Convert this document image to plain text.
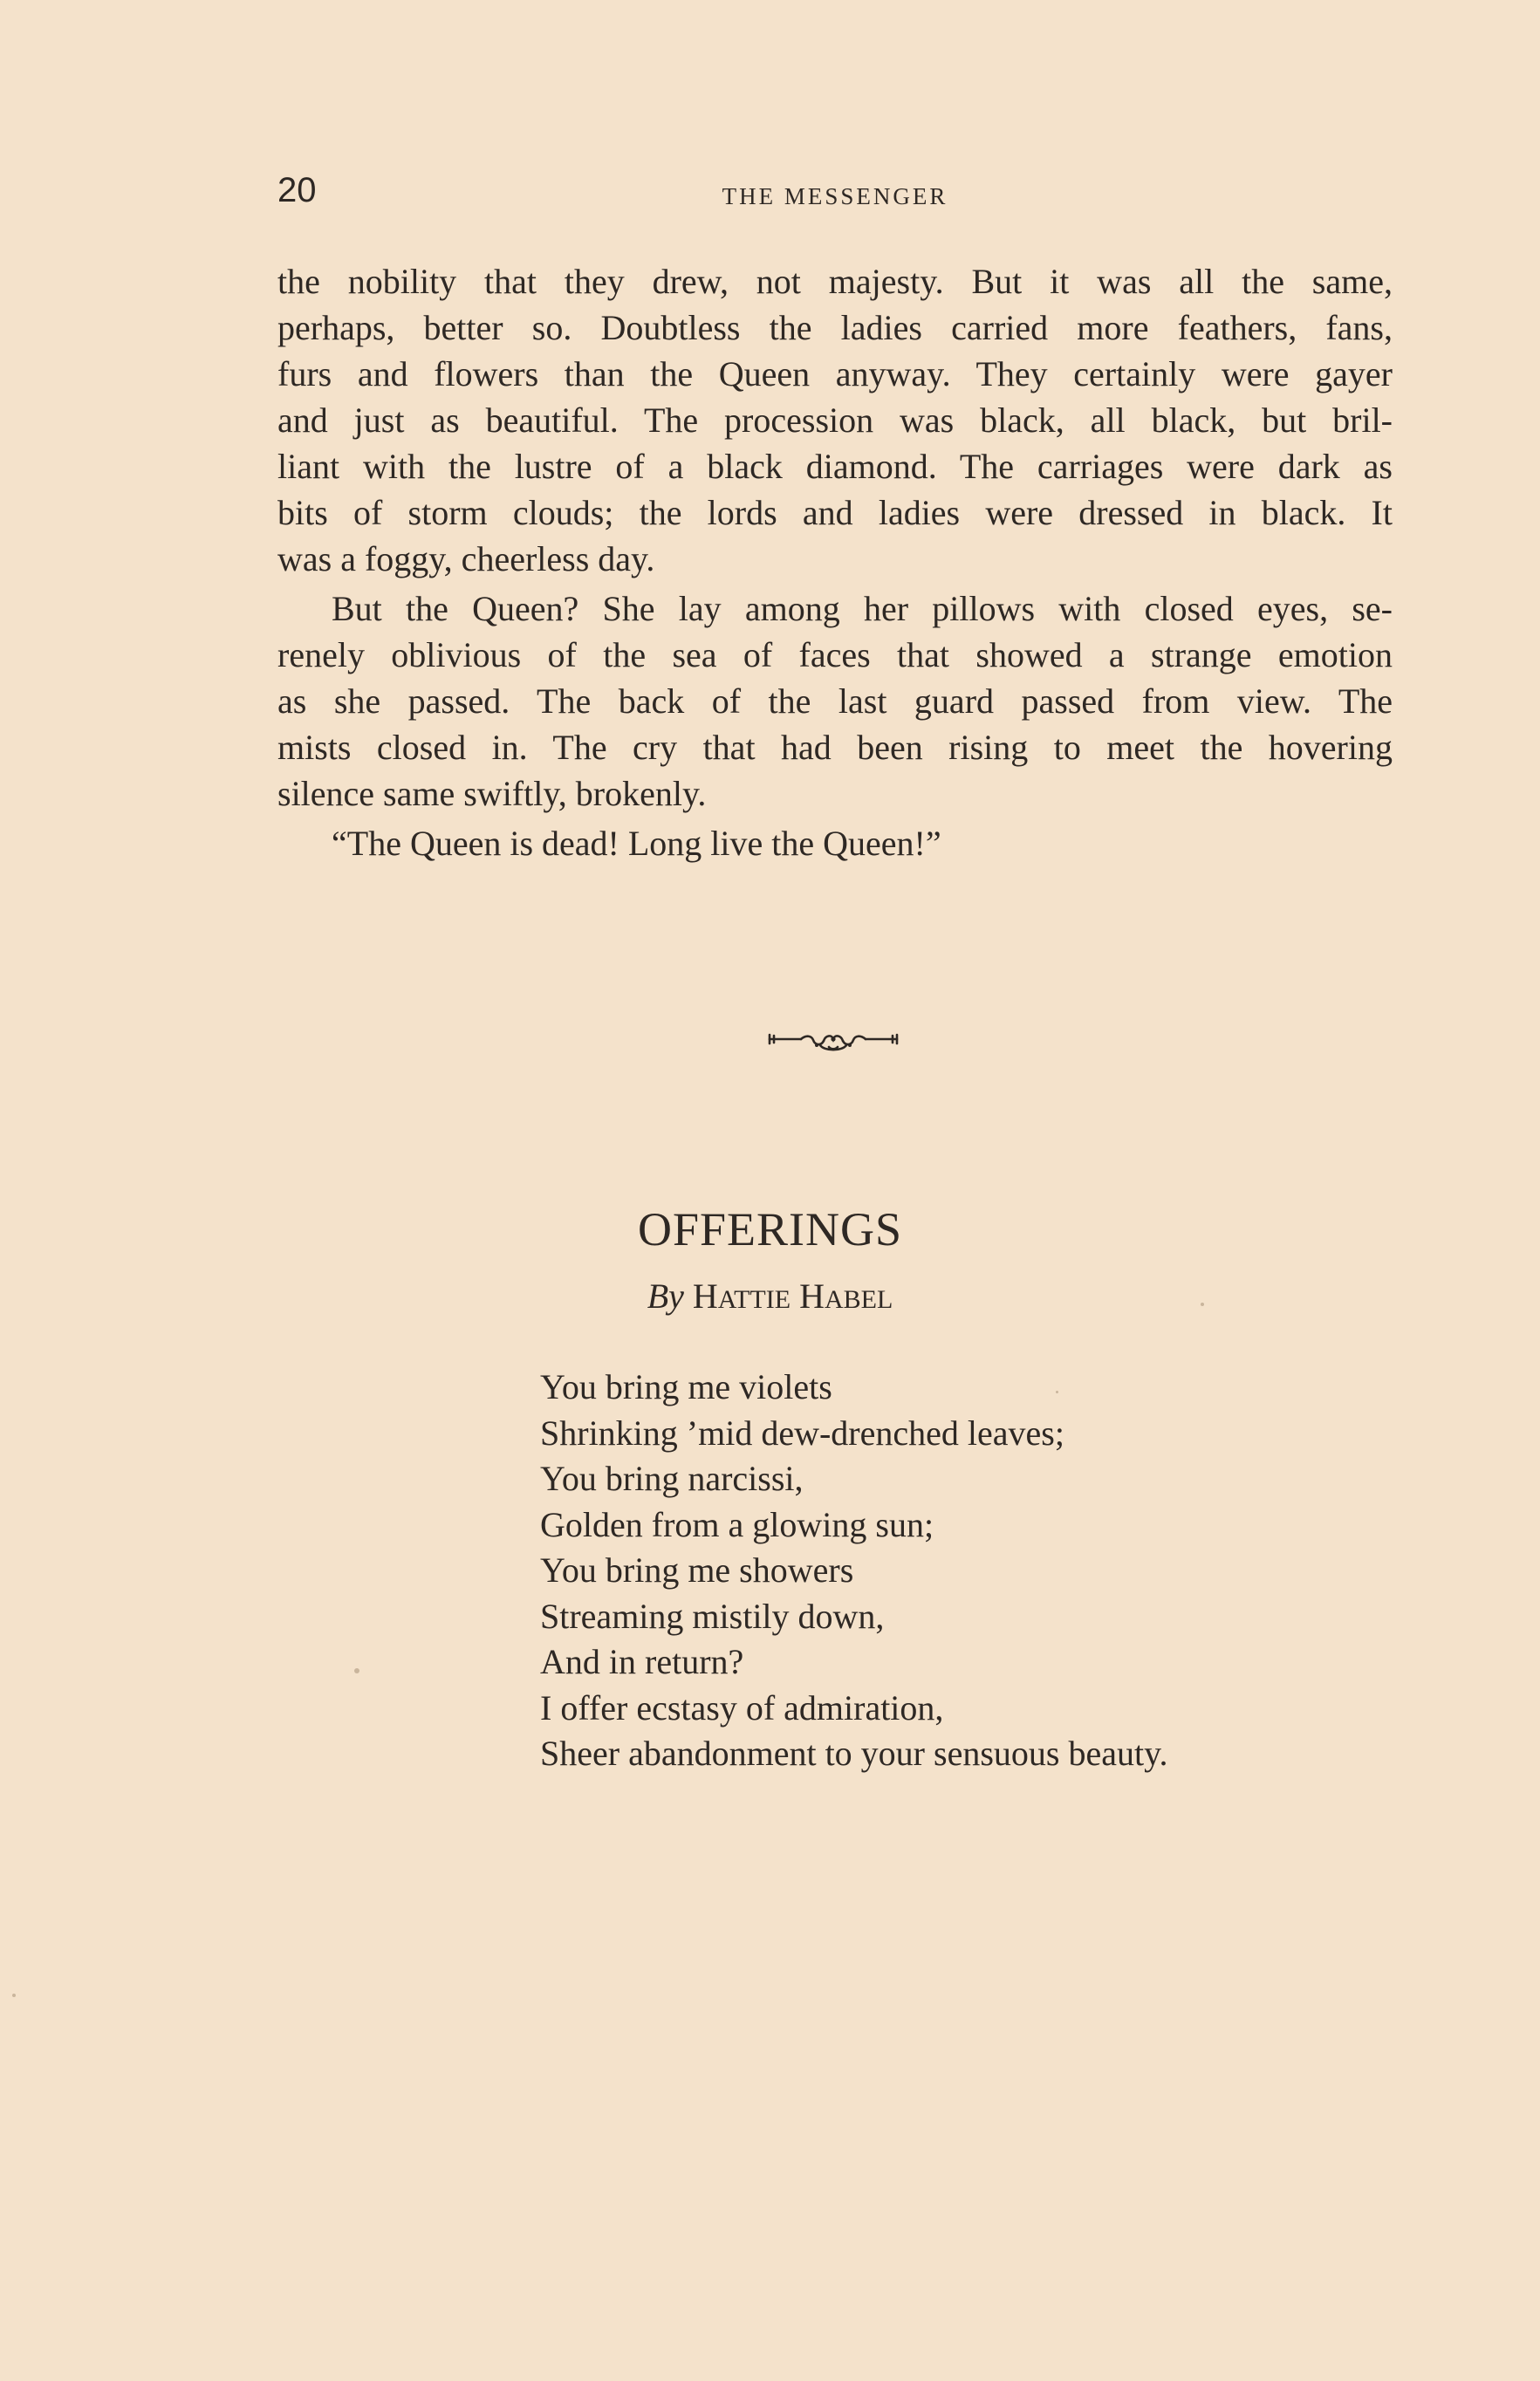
20	THE MESSENGER

the nobility that they drew, not majesty. But it was all the same,
perhaps, better so. Doubtless the ladies carried more feathers, fans,
furs and flowers than the Queen anyway. They certainly were gayer
and just as beautiful. The procession was black, all black, but bril-
liant with the lustre of a black diamond. The carriages were dark as
bits of storm clouds; the lords and ladies were dressed in black. It
was a foggy, cheerless day.

But the Queen? She lay among her pillows with closed eyes, se-
renely oblivious of the sea of faces that showed a strange emotion
as she passed. The back of the last guard passed from view. The
mists closed in. The cry that had been rising to meet the hovering
silence same swiftly, brokenly.

“The Queen is dead! Long live the Queen!”

OFFERINGS
By HATTIE HABEL
You bring me violets
Shrinking ’mid dew-drenched leaves;
You bring narcissi,
Golden from a glowing sun;
You bring me showers
Streaming mistily down,
And in return?
I offer ecstasy of admiration,
Sheer abandonment to your sensuous beauty.
